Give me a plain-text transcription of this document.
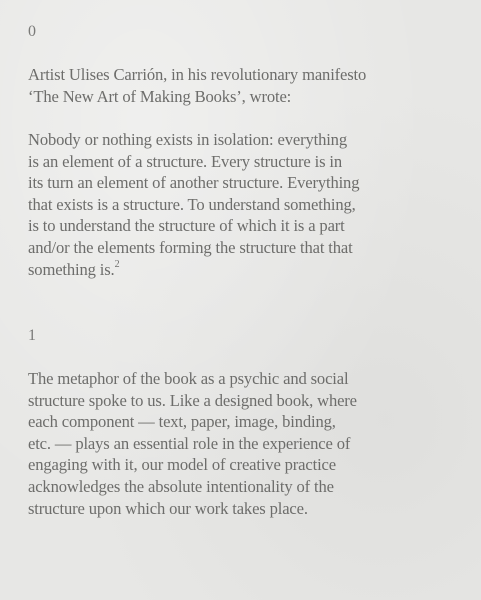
0
Artist Ulises Carrión, in his revolutionary manifesto
‘The New Art of Making Books’, wrote:
Nobody or nothing exists in isolation: everything
is an element of a structure. Every structure is in
its turn an element of another structure. Everything
that exists is a structure. To understand something,
is to understand the structure of which it is a part
and/or the elements forming the structure that that
something is.$^2$
1
The metaphor of the book as a psychic and social
structure spoke to us. Like a designed book, where
each component — text, paper, image, binding,
etc. — plays an essential role in the experience of
engaging with it, our model of creative practice
acknowledges the absolute intentionality of the
structure upon which our work takes place.
